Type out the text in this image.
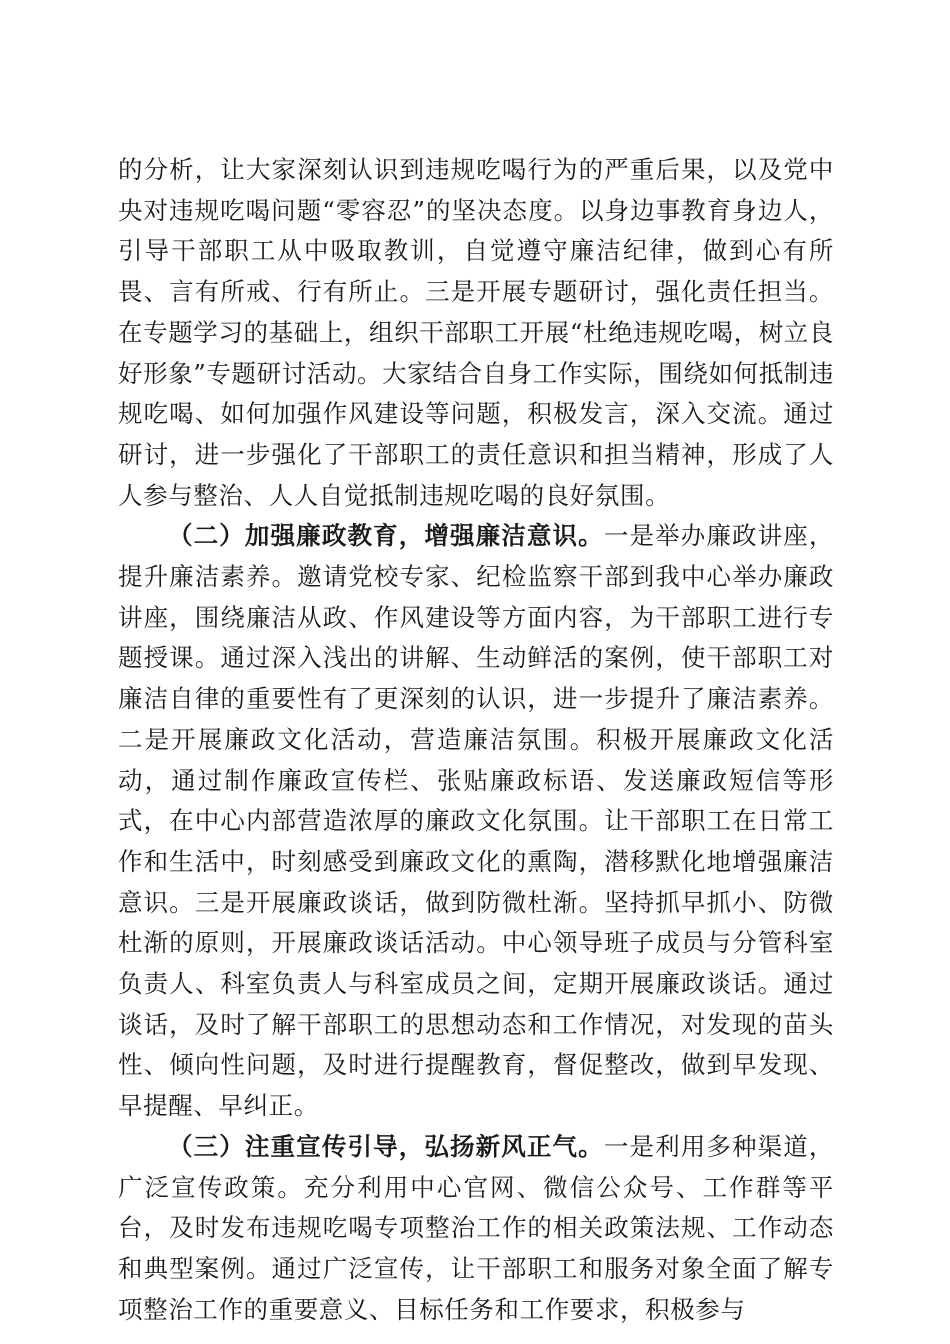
的分析，让大家深刻认识到违规吃喝行为的严重后果，以及党中央对违规吃喝问题“零容忍”的坚决态度。以身边事教育身边人，引导干部职工从中吸取教训，自觉遵守廉洁纪律，做到心有所畏、言有所戒、行有所止。三是开展专题研讨，强化责任担当。在专题学习的基础上，组织干部职工开展“杜绝违规吃喝，树立良好形象”专题研讨活动。大家结合自身工作实际，围绕如何抵制违规吃喝、如何加强作风建设等问题，积极发言，深入交流。通过研讨，进一步强化了干部职工的责任意识和担当精神，形成了人人参与整治、人人自觉抵制违规吃喝的良好氛围。

（二）加强廉政教育，增强廉洁意识。一是举办廉政讲座，提升廉洁素养。邀请党校专家、纪检监察干部到我中心举办廉政讲座，围绕廉洁从政、作风建设等方面内容，为干部职工进行专题授课。通过深入浅出的讲解、生动鲜活的案例，使干部职工对廉洁自律的重要性有了更深刻的认识，进一步提升了廉洁素养。二是开展廉政文化活动，营造廉洁氛围。积极开展廉政文化活动，通过制作廉政宣传栏、张贴廉政标语、发送廉政短信等形式，在中心内部营造浓厚的廉政文化氛围。让干部职工在日常工作和生活中，时刻感受到廉政文化的熏陶，潜移默化地增强廉洁意识。三是开展廉政谈话，做到防微杜渐。坚持抓早抓小、防微杜渐的原则，开展廉政谈话活动。中心领导班子成员与分管科室负责人、科室负责人与科室成员之间，定期开展廉政谈话。通过谈话，及时了解干部职工的思想动态和工作情况，对发现的苗头性、倾向性问题，及时进行提醒教育，督促整改，做到早发现、早提醒、早纠正。

（三）注重宣传引导，弘扬新风正气。一是利用多种渠道，广泛宣传政策。充分利用中心官网、微信公众号、工作群等平台，及时发布违规吃喝专项整治工作的相关政策法规、工作动态和典型案例。通过广泛宣传，让干部职工和服务对象全面了解专项整治工作的重要意义、目标任务和工作要求，积极参与
